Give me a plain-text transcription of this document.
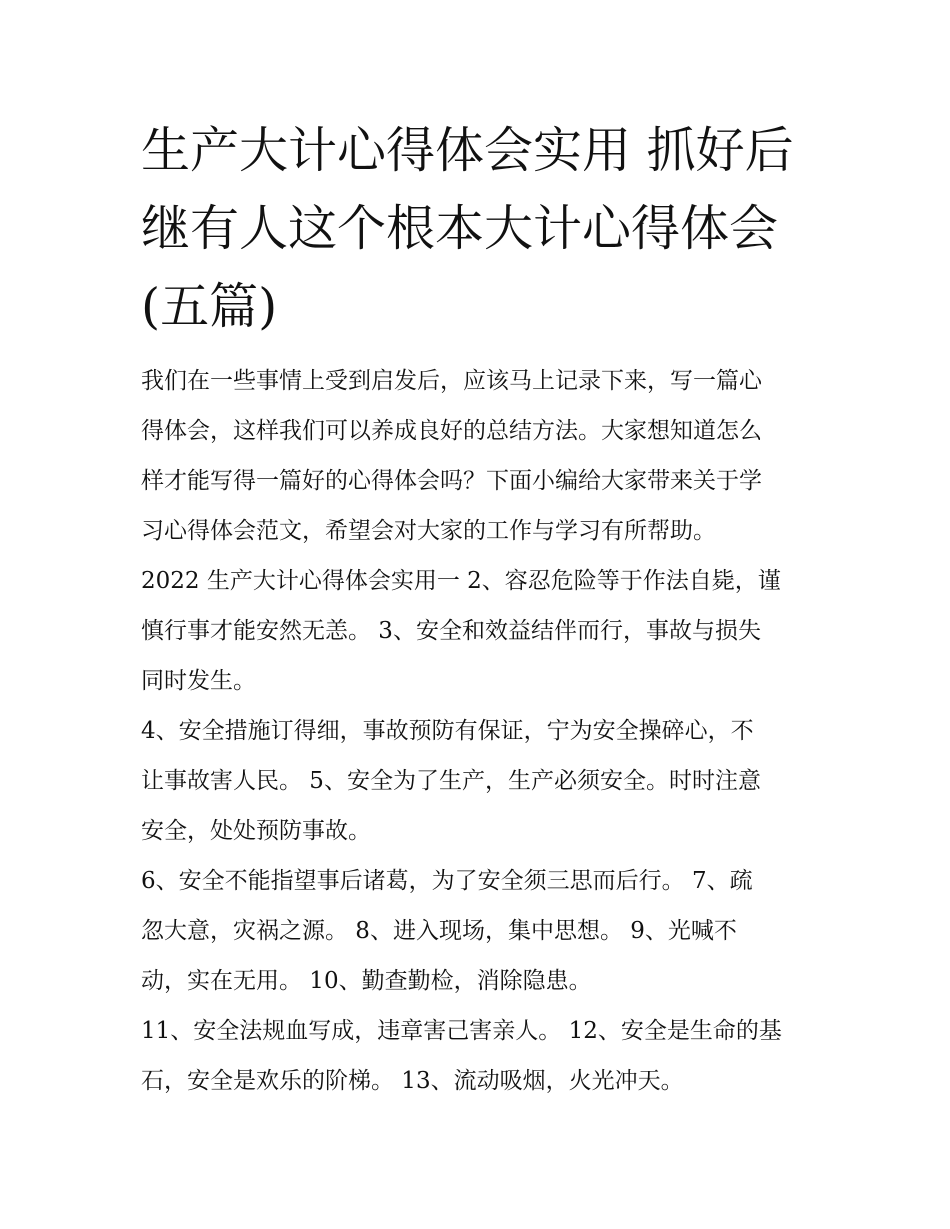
生产大计心得体会实用 抓好后
继有人这个根本大计心得体会
(五篇)

我们在一些事情上受到启发后，应该马上记录下来，写一篇心
得体会，这样我们可以养成良好的总结方法。大家想知道怎么
样才能写得一篇好的心得体会吗？下面小编给大家带来关于学
习心得体会范文，希望会对大家的工作与学习有所帮助。

2022 生产大计心得体会实用一 2、容忍危险等于作法自毙，谨
慎行事才能安然无恙。 3、安全和效益结伴而行，事故与损失
同时发生。

4、安全措施订得细，事故预防有保证，宁为安全操碎心，不
让事故害人民。 5、安全为了生产，生产必须安全。时时注意
安全，处处预防事故。

6、安全不能指望事后诸葛，为了安全须三思而后行。 7、疏
忽大意，灾祸之源。 8、进入现场，集中思想。 9、光喊不
动，实在无用。 10、勤查勤检，消除隐患。

11、安全法规血写成，违章害己害亲人。 12、安全是生命的基
石，安全是欢乐的阶梯。 13、流动吸烟，火光冲天。
